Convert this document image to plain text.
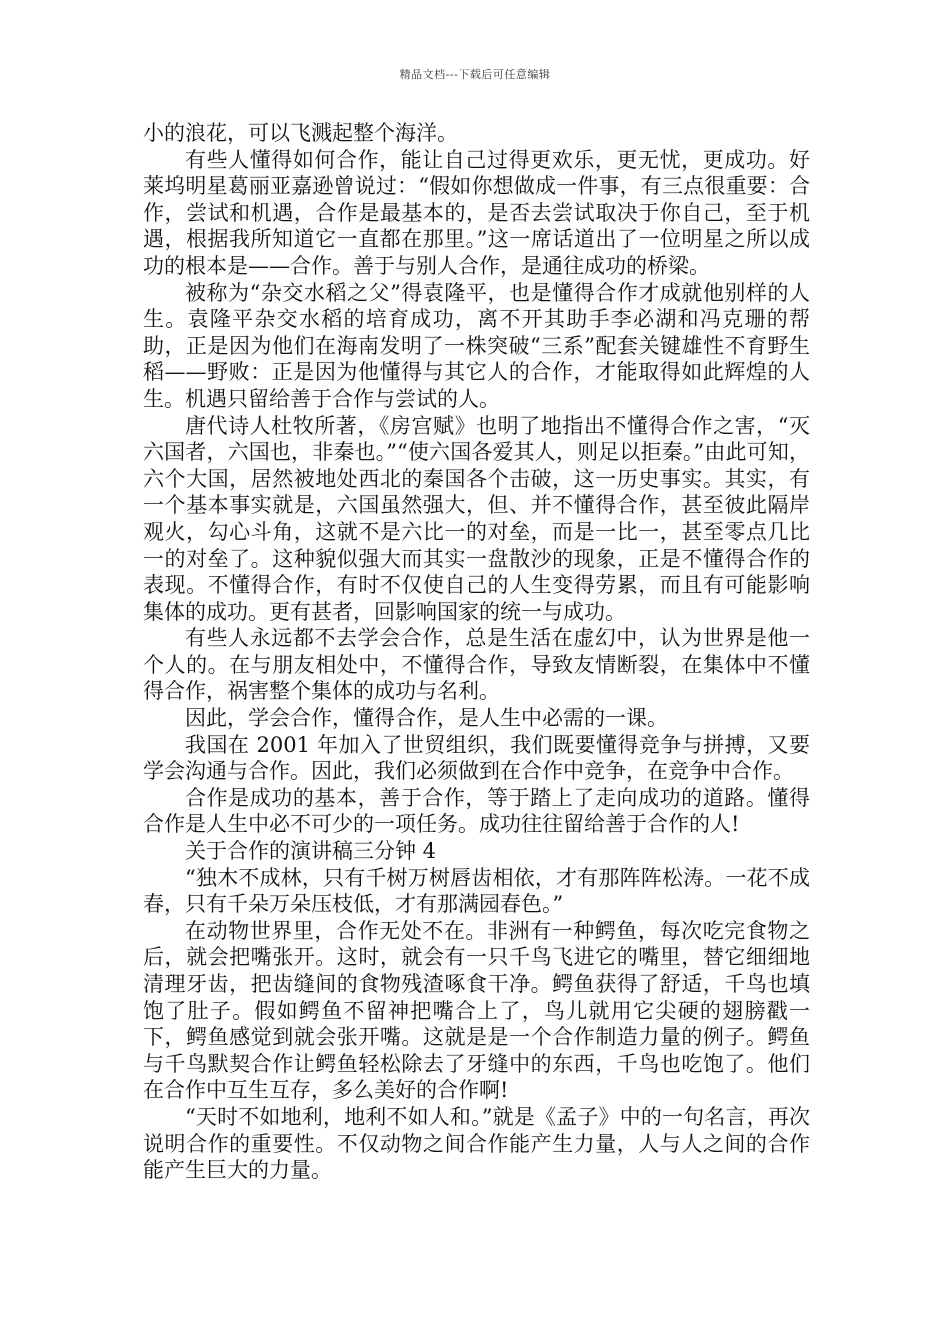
精品文档---下载后可任意编辑

小的浪花，可以飞溅起整个海洋。

有些人懂得如何合作，能让自己过得更欢乐，更无忧，更成功。好莱坞明星葛丽亚嘉逊曾说过：“假如你想做成一件事，有三点很重要：合作，尝试和机遇，合作是最基本的，是否去尝试取决于你自己，至于机遇，根据我所知道它一直都在那里。”这一席话道出了一位明星之所以成功的根本是——合作。善于与别人合作，是通往成功的桥梁。

被称为“杂交水稻之父”得袁隆平，也是懂得合作才成就他别样的人生。袁隆平杂交水稻的培育成功，离不开其助手李必湖和冯克珊的帮助，正是因为他们在海南发明了一株突破“三系”配套关键雄性不育野生稻——野败：正是因为他懂得与其它人的合作，才能取得如此辉煌的人生。机遇只留给善于合作与尝试的人。

唐代诗人杜牧所著，《房宫赋》也明了地指出不懂得合作之害，“灭六国者，六国也，非秦也。”“使六国各爱其人，则足以拒秦。”由此可知，六个大国，居然被地处西北的秦国各个击破，这一历史事实。其实，有一个基本事实就是，六国虽然强大，但、并不懂得合作，甚至彼此隔岸观火，勾心斗角，这就不是六比一的对垒，而是一比一，甚至零点几比一的对垒了。这种貌似强大而其实一盘散沙的现象，正是不懂得合作的表现。不懂得合作，有时不仅使自己的人生变得劳累，而且有可能影响集体的成功。更有甚者，回影响国家的统一与成功。

有些人永远都不去学会合作，总是生活在虚幻中，认为世界是他一个人的。在与朋友相处中，不懂得合作，导致友情断裂，在集体中不懂得合作，祸害整个集体的成功与名利。

因此，学会合作，懂得合作，是人生中必需的一课。

我国在 2001 年加入了世贸组织，我们既要懂得竞争与拼搏，又要学会沟通与合作。因此，我们必须做到在合作中竞争，在竞争中合作。

合作是成功的基本，善于合作，等于踏上了走向成功的道路。懂得合作是人生中必不可少的一项任务。成功往往留给善于合作的人!

关于合作的演讲稿三分钟 4

“独木不成林，只有千树万树唇齿相依，才有那阵阵松涛。一花不成春，只有千朵万朵压枝低，才有那满园春色。”

在动物世界里，合作无处不在。非洲有一种鳄鱼，每次吃完食物之后，就会把嘴张开。这时，就会有一只千鸟飞进它的嘴里，替它细细地清理牙齿，把齿缝间的食物残渣啄食干净。鳄鱼获得了舒适，千鸟也填饱了肚子。假如鳄鱼不留神把嘴合上了，鸟儿就用它尖硬的翅膀戳一下，鳄鱼感觉到就会张开嘴。这就是是一个合作制造力量的例子。鳄鱼与千鸟默契合作让鳄鱼轻松除去了牙缝中的东西，千鸟也吃饱了。他们在合作中互生互存，多么美好的合作啊!

“天时不如地利，地利不如人和。”就是《孟子》中的一句名言，再次说明合作的重要性。不仅动物之间合作能产生力量，人与人之间的合作能产生巨大的力量。
